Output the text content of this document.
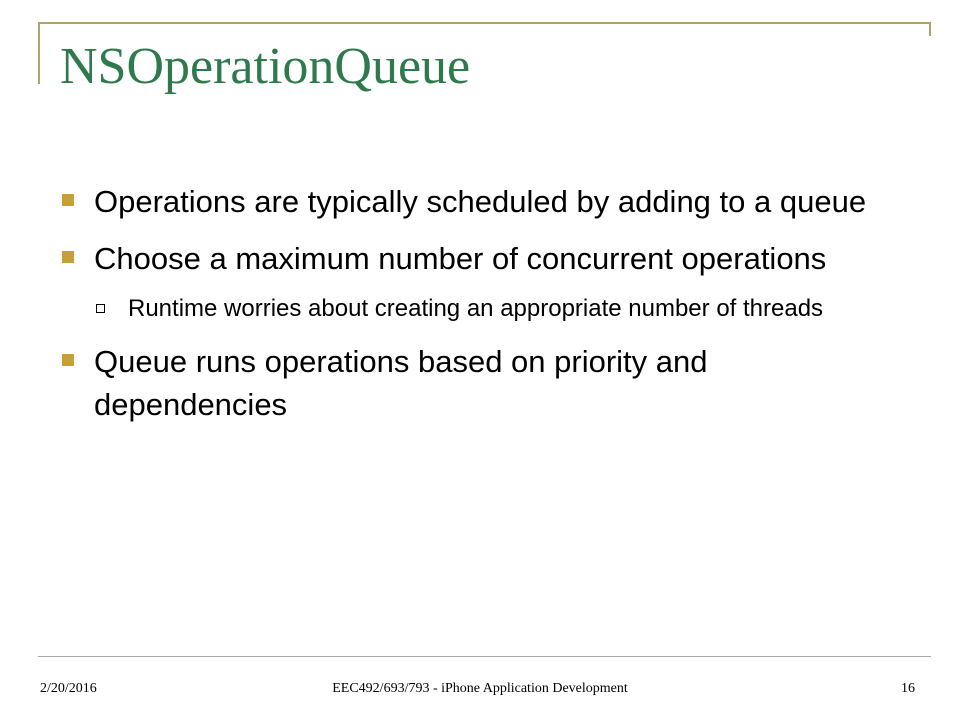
NSOperationQueue
Operations are typically scheduled by adding to a queue
Choose a maximum number of concurrent operations
Runtime worries about creating an appropriate number of threads
Queue runs operations based on priority and dependencies

2/20/2016	EEC492/693/793 - iPhone Application Development	16
